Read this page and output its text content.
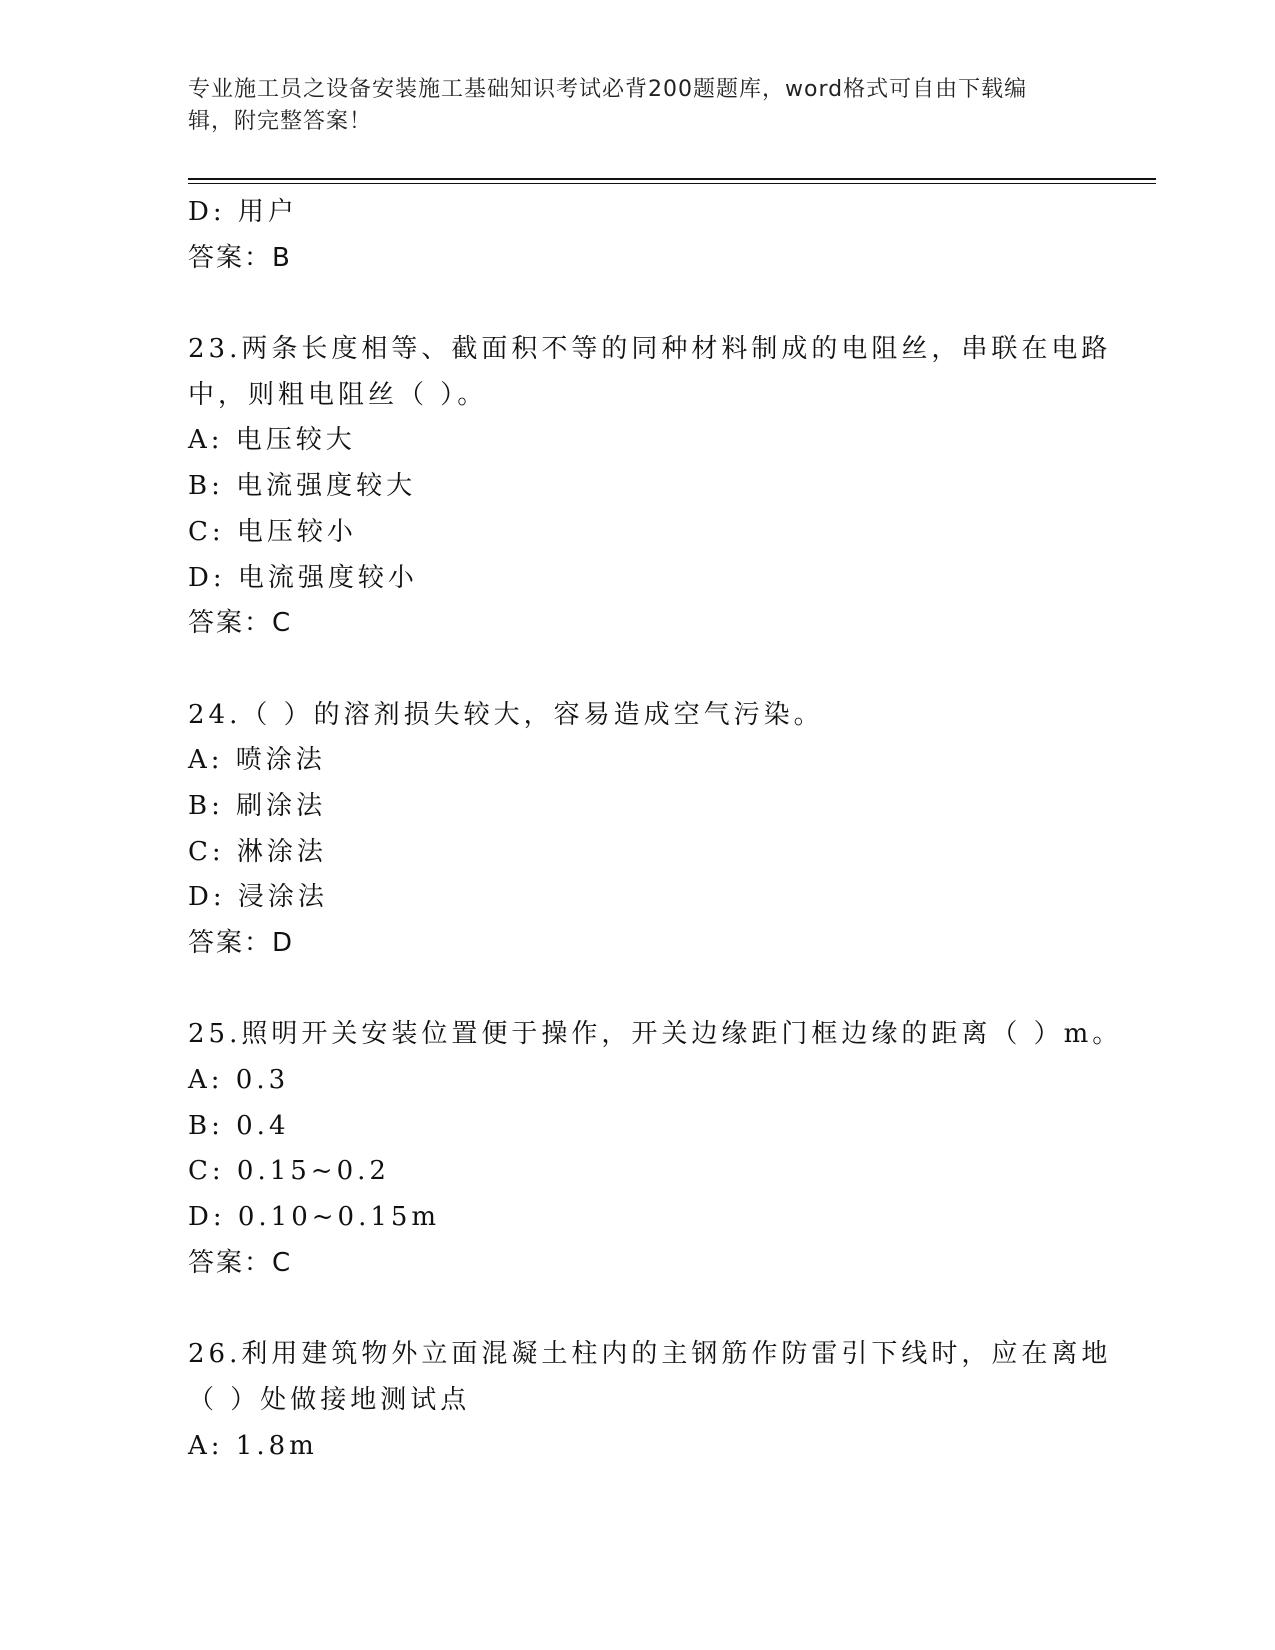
专业施工员之设备安装施工基础知识考试必背200题题库，word格式可自由下载编辑，附完整答案！
D: 用户
答案：B
23.两条长度相等、截面积不等的同种材料制成的电阻丝，串联在电路
中，则粗电阻丝（ ）。
A: 电压较大
B: 电流强度较大
C: 电压较小
D: 电流强度较小
答案：C
24.（ ）的溶剂损失较大，容易造成空气污染。
A: 喷涂法
B: 刷涂法
C: 淋涂法
D: 浸涂法
答案：D
25.照明开关安装位置便于操作，开关边缘距门框边缘的距离（ ）m。
A: 0.3
B: 0.4
C: 0.15~0.2
D: 0.10~0.15m
答案：C
26.利用建筑物外立面混凝土柱内的主钢筋作防雷引下线时，应在离地
（ ）处做接地测试点
A: 1.8m
